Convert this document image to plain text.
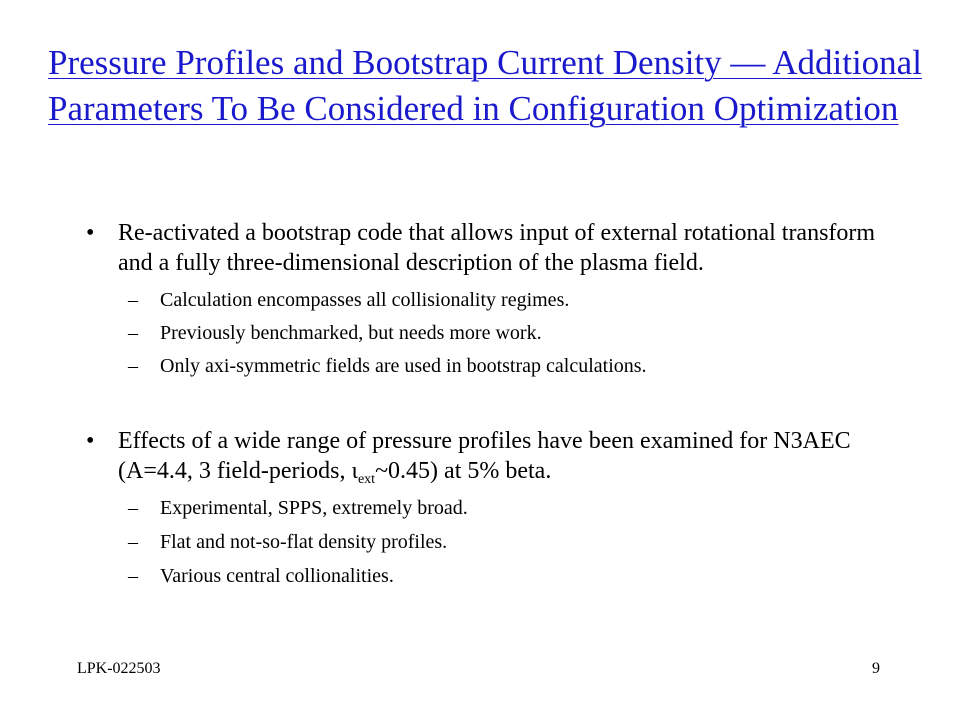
Pressure Profiles and Bootstrap Current Density — Additional Parameters To Be Considered in Configuration Optimization
• Re-activated a bootstrap code that allows input of external rotational transform and a fully three-dimensional description of the plasma field.
– Calculation encompasses all collisionality regimes.
– Previously benchmarked, but needs more work.
– Only axi-symmetric fields are used in bootstrap calculations.
• Effects of a wide range of pressure profiles have been examined for N3AEC (A=4.4, 3 field-periods, $\iota_{ext}\sim 0.45$) at 5% beta.
– Experimental, SPPS, extremely broad.
– Flat and not-so-flat density profiles.
– Various central collionalities.
LPK-022503	9
